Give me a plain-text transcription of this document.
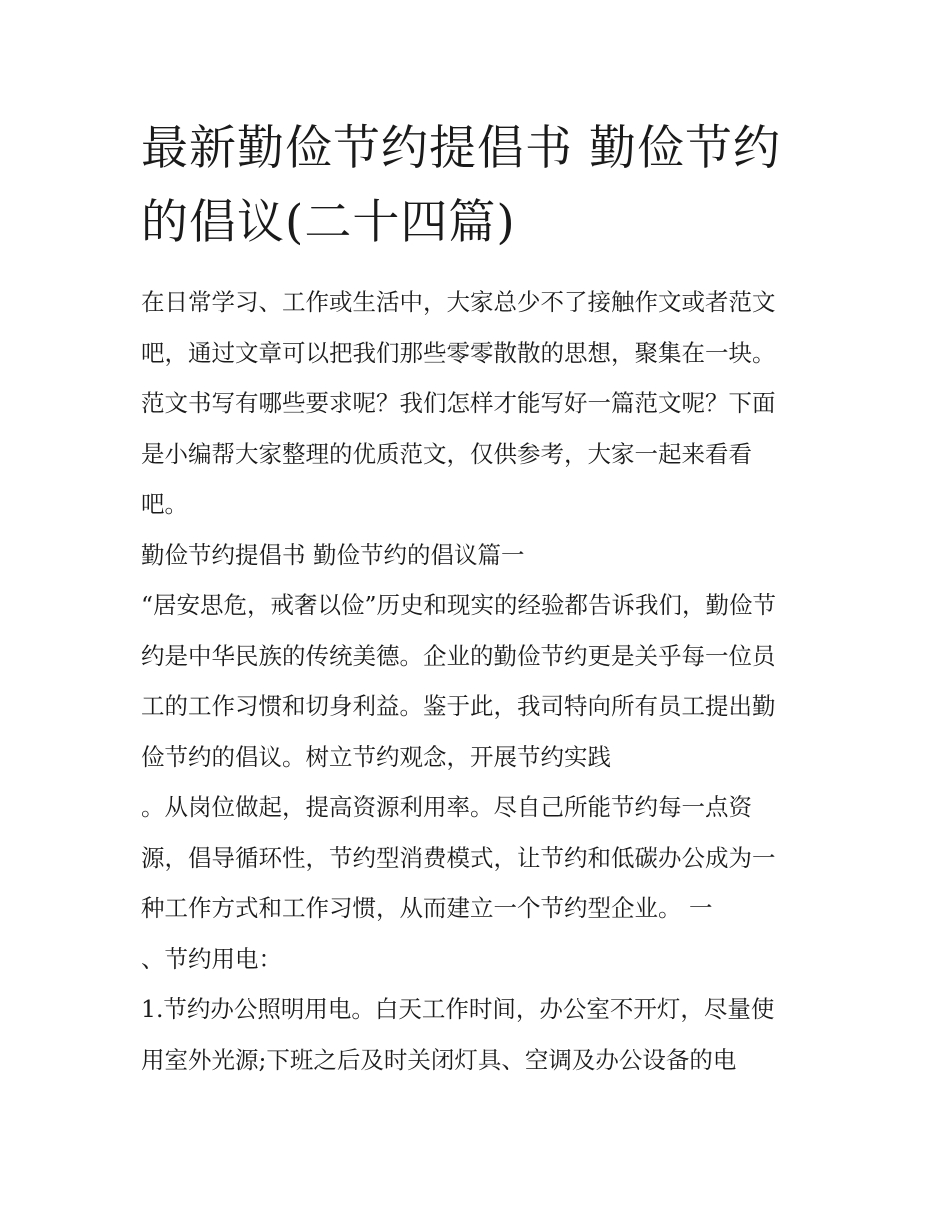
最新勤俭节约提倡书 勤俭节约
的倡议(二十四篇)

在日常学习、工作或生活中，大家总少不了接触作文或者范文

吧，通过文章可以把我们那些零零散散的思想，聚集在一块。

范文书写有哪些要求呢？我们怎样才能写好一篇范文呢？下面

是小编帮大家整理的优质范文，仅供参考，大家一起来看看

吧。

勤俭节约提倡书 勤俭节约的倡议篇一

“居安思危，戒奢以俭”历史和现实的经验都告诉我们，勤俭节

约是中华民族的传统美德。企业的勤俭节约更是关乎每一位员

工的工作习惯和切身利益。鉴于此，我司特向所有员工提出勤

俭节约的倡议。树立节约观念，开展节约实践

。从岗位做起，提高资源利用率。尽自己所能节约每一点资

源，倡导循环性，节约型消费模式，让节约和低碳办公成为一

种工作方式和工作习惯，从而建立一个节约型企业。 一

、节约用电：

1.节约办公照明用电。白天工作时间，办公室不开灯，尽量使

用室外光源;下班之后及时关闭灯具、空调及办公设备的电
